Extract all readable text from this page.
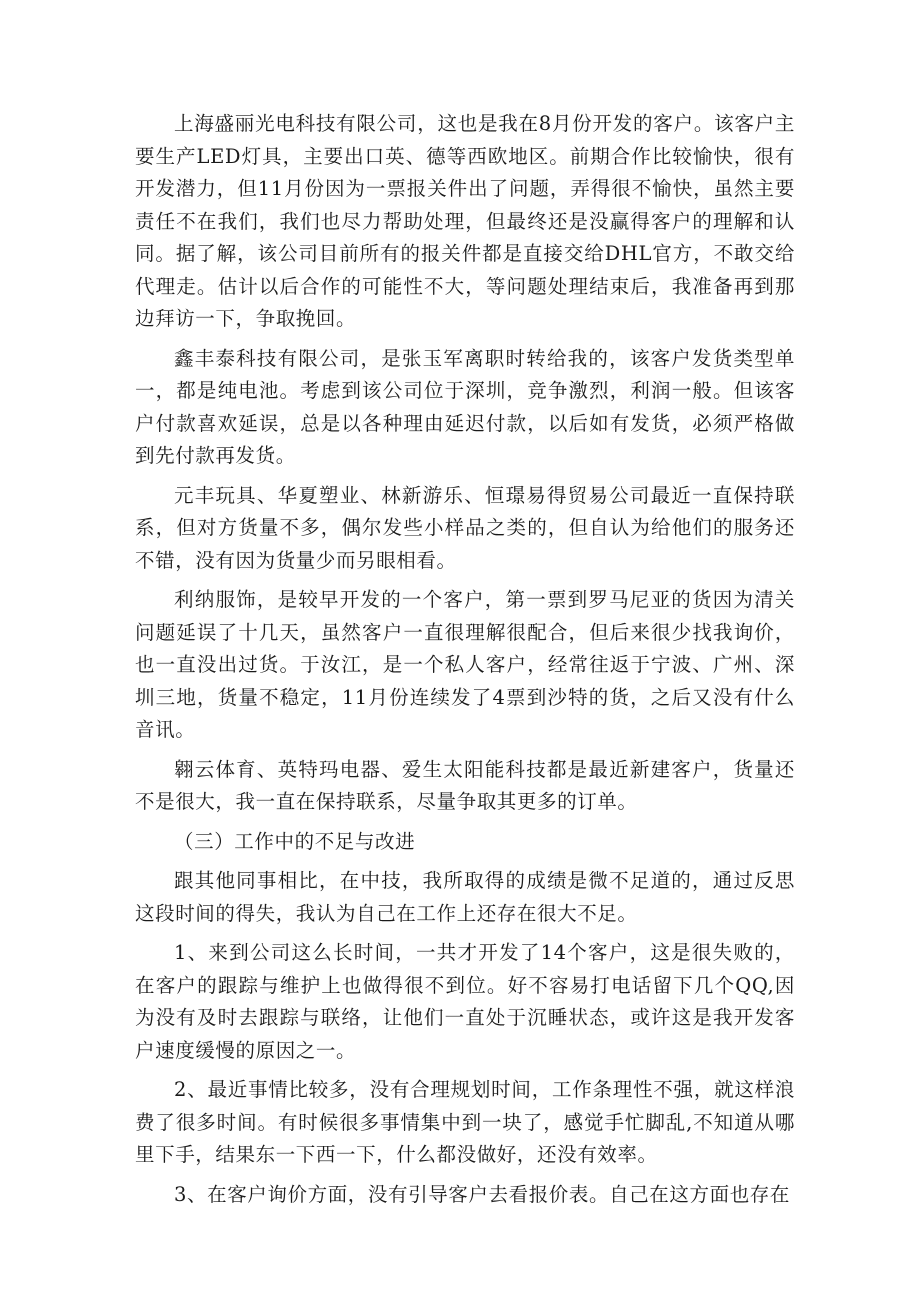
上海盛丽光电科技有限公司，这也是我在8月份开发的客户。该客户主要生产LED灯具，主要出口英、德等西欧地区。前期合作比较愉快，很有开发潜力，但11月份因为一票报关件出了问题，弄得很不愉快，虽然主要责任不在我们，我们也尽力帮助处理，但最终还是没赢得客户的理解和认同。据了解，该公司目前所有的报关件都是直接交给DHL官方，不敢交给代理走。估计以后合作的可能性不大，等问题处理结束后，我准备再到那边拜访一下，争取挽回。

鑫丰泰科技有限公司，是张玉军离职时转给我的，该客户发货类型单一，都是纯电池。考虑到该公司位于深圳，竞争激烈，利润一般。但该客户付款喜欢延误，总是以各种理由延迟付款，以后如有发货，必须严格做到先付款再发货。

元丰玩具、华夏塑业、林新游乐、恒璟易得贸易公司最近一直保持联系，但对方货量不多，偶尔发些小样品之类的，但自认为给他们的服务还不错，没有因为货量少而另眼相看。

利纳服饰，是较早开发的一个客户，第一票到罗马尼亚的货因为清关问题延误了十几天，虽然客户一直很理解很配合，但后来很少找我询价，也一直没出过货。于汝江，是一个私人客户，经常往返于宁波、广州、深圳三地，货量不稳定，11月份连续发了4票到沙特的货，之后又没有什么音讯。

翱云体育、英特玛电器、爱生太阳能科技都是最近新建客户，货量还不是很大，我一直在保持联系，尽量争取其更多的订单。

（三）工作中的不足与改进

跟其他同事相比，在中技，我所取得的成绩是微不足道的，通过反思这段时间的得失，我认为自己在工作上还存在很大不足。

1、来到公司这么长时间，一共才开发了14个客户，这是很失败的，在客户的跟踪与维护上也做得很不到位。好不容易打电话留下几个QQ,因为没有及时去跟踪与联络，让他们一直处于沉睡状态，或许这是我开发客户速度缓慢的原因之一。

2、最近事情比较多，没有合理规划时间，工作条理性不强，就这样浪费了很多时间。有时候很多事情集中到一块了，感觉手忙脚乱,不知道从哪里下手，结果东一下西一下，什么都没做好，还没有效率。

3、在客户询价方面，没有引导客户去看报价表。自己在这方面也存在
